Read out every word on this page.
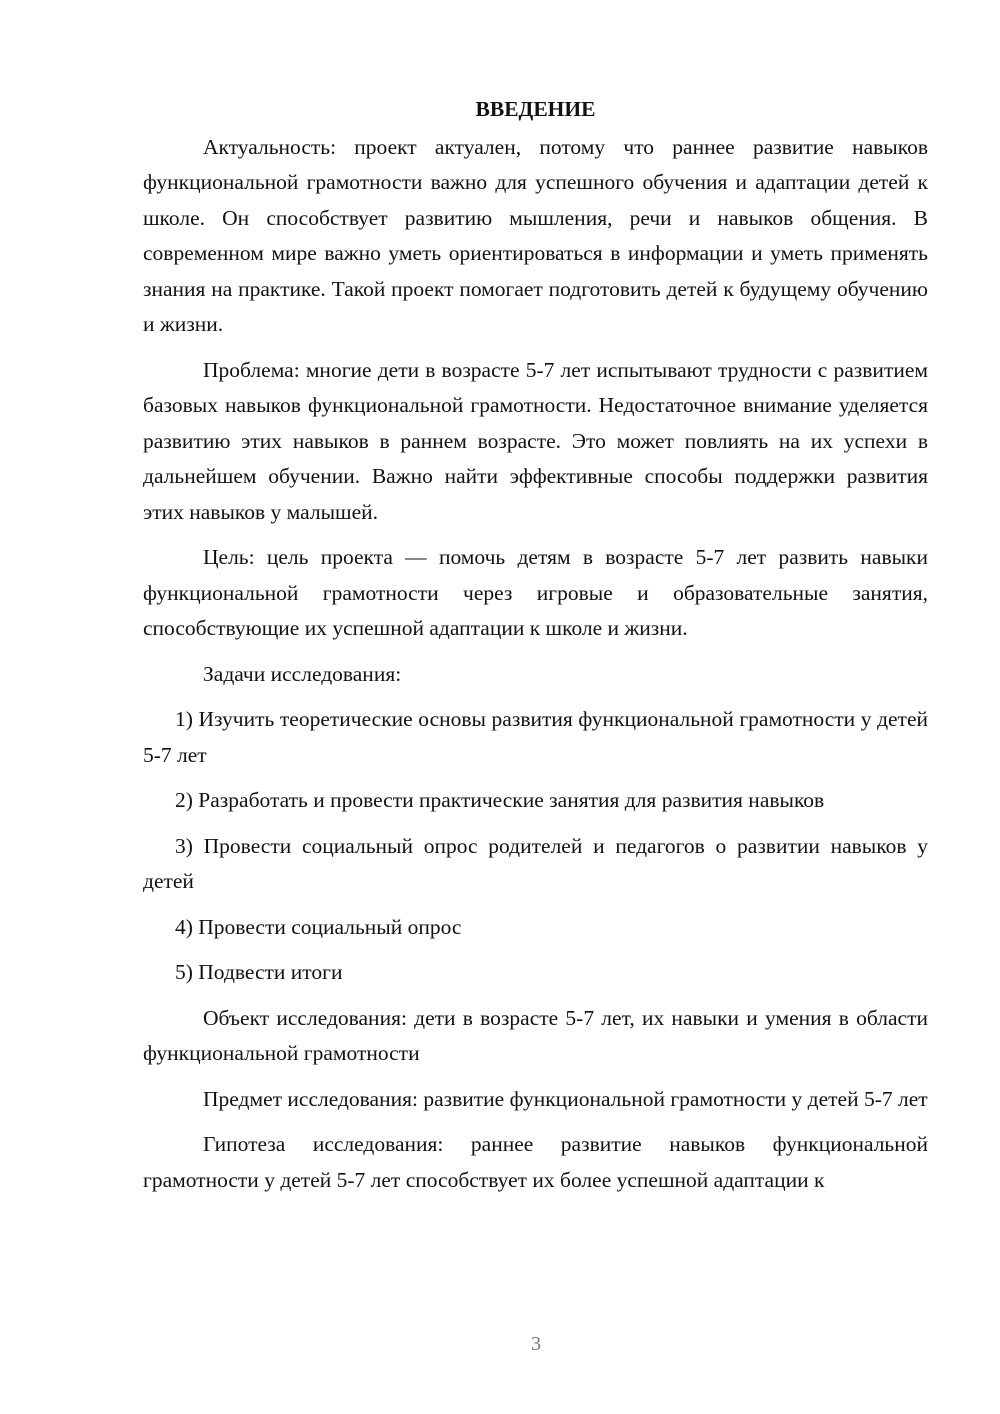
ВВЕДЕНИЕ

Актуальность: проект актуален, потому что раннее развитие навыков функциональной грамотности важно для успешного обучения и адаптации детей к школе. Он способствует развитию мышления, речи и навыков общения. В современном мире важно уметь ориентироваться в информации и уметь применять знания на практике. Такой проект помогает подготовить детей к будущему обучению и жизни.

Проблема: многие дети в возрасте 5-7 лет испытывают трудности с развитием базовых навыков функциональной грамотности. Недостаточное внимание уделяется развитию этих навыков в раннем возрасте. Это может повлиять на их успехи в дальнейшем обучении. Важно найти эффективные способы поддержки развития этих навыков у малышей.

Цель: цель проекта — помочь детям в возрасте 5-7 лет развить навыки функциональной грамотности через игровые и образовательные занятия, способствующие их успешной адаптации к школе и жизни.

Задачи исследования:

1) Изучить теоретические основы развития функциональной грамотности у детей 5-7 лет

2) Разработать и провести практические занятия для развития навыков

3) Провести социальный опрос родителей и педагогов о развитии навыков у детей

4) Провести социальный опрос

5) Подвести итоги

Объект исследования: дети в возрасте 5-7 лет, их навыки и умения в области функциональной грамотности

Предмет исследования: развитие функциональной грамотности у детей 5-7 лет

Гипотеза исследования: раннее развитие навыков функциональной грамотности у детей 5-7 лет способствует их более успешной адаптации к

3
